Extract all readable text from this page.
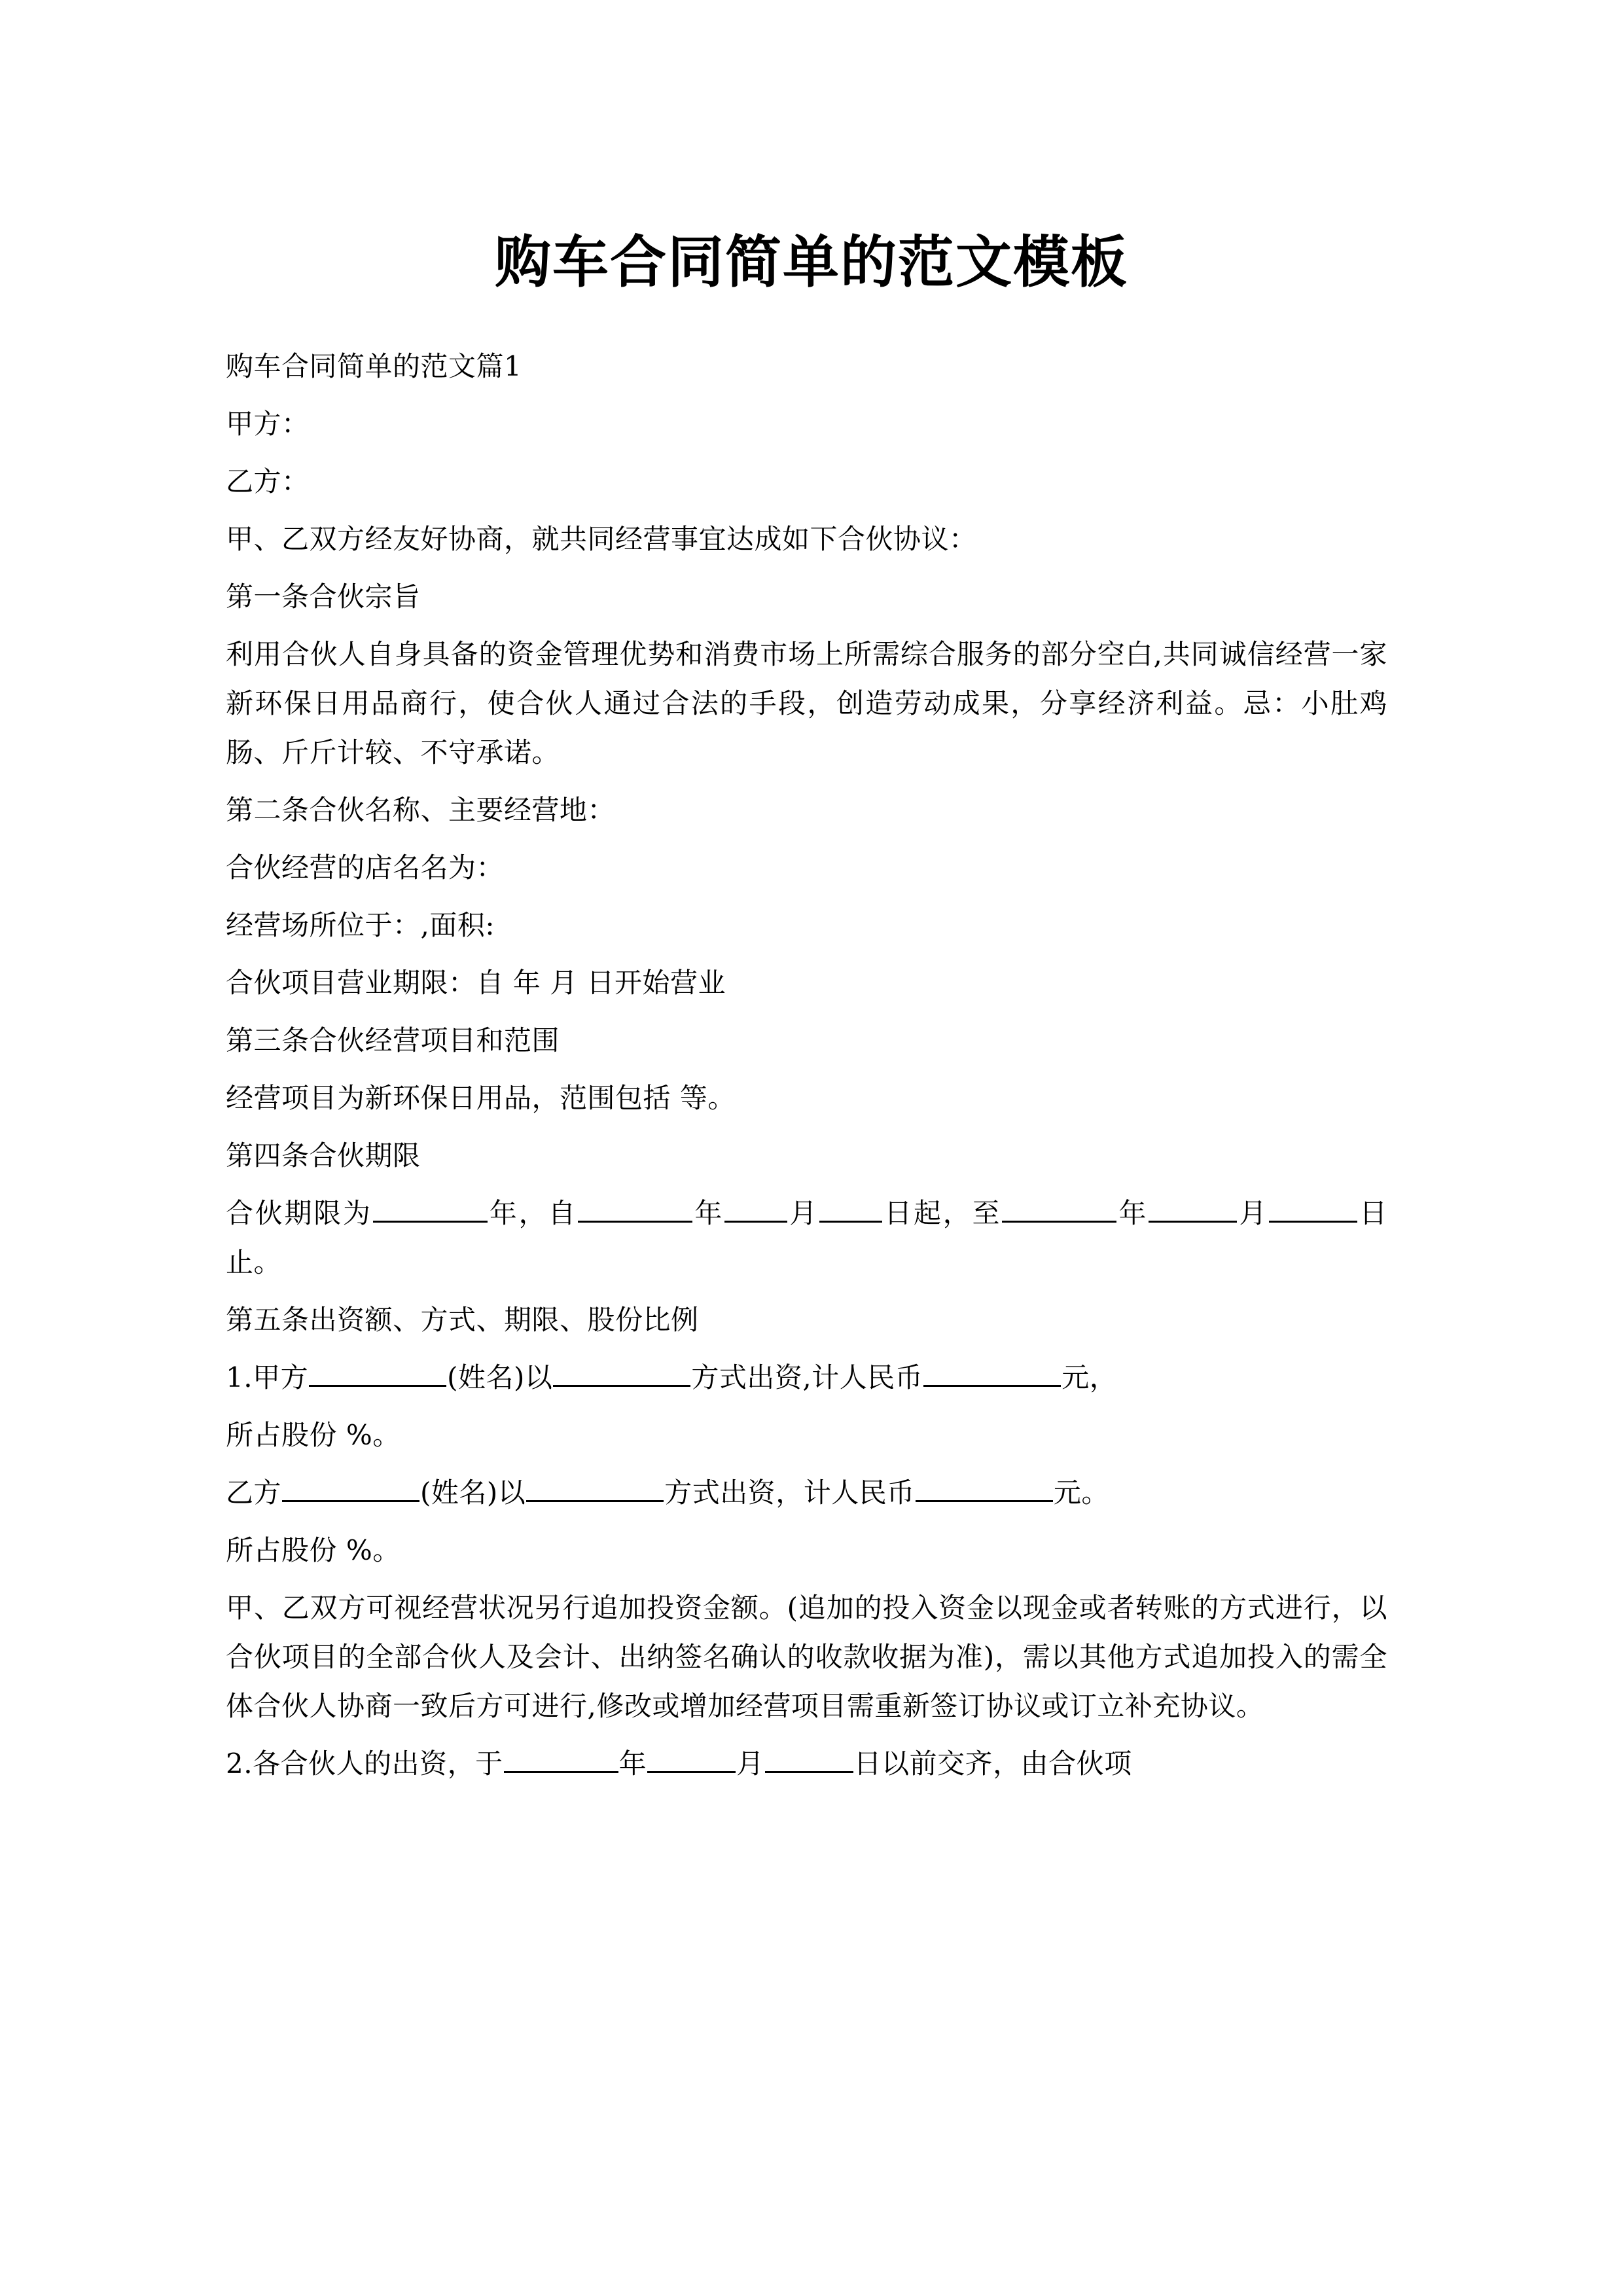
购车合同简单的范文模板

购车合同简单的范文篇1

甲方：

乙方：

甲、乙双方经友好协商，就共同经营事宜达成如下合伙协议：

第一条合伙宗旨

利用合伙人自身具备的资金管理优势和消费市场上所需综合服务的部分空白,共同诚信经营一家新环保日用品商行，使合伙人通过合法的手段，创造劳动成果，分享经济利益。忌：小肚鸡肠、斤斤计较、不守承诺。

第二条合伙名称、主要经营地：

合伙经营的店名名为：

经营场所位于：,面积:

合伙项目营业期限：自 年 月 日开始营业

第三条合伙经营项目和范围

经营项目为新环保日用品，范围包括 等。

第四条合伙期限

合伙期限为	年，自	年 月 日起，至	年	月	日止。

第五条出资额、方式、期限、股份比例

1.甲方	(姓名)以	方式出资,计人民币	元，

所占股份 %。

乙方	(姓名)以	方式出资，计人民币	元。

所占股份 %。

甲、乙双方可视经营状况另行追加投资金额。(追加的投入资金以现金或者转账的方式进行，以合伙项目的全部合伙人及会计、出纳签名确认的收款收据为准)，需以其他方式追加投入的需全体合伙人协商一致后方可进行,修改或增加经营项目需重新签订协议或订立补充协议。

2.各合伙人的出资，于	年	月	日以前交齐，由合伙项
